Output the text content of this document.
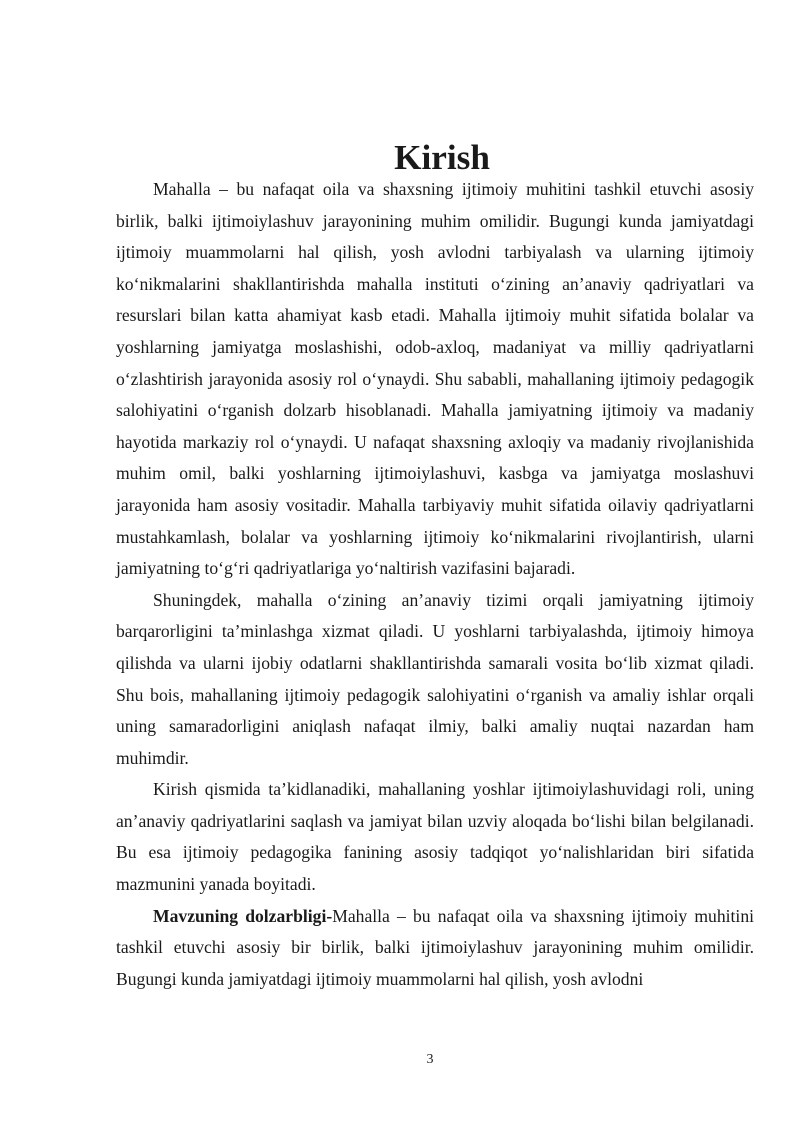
Kirish

Mahalla – bu nafaqat oila va shaxsning ijtimoiy muhitini tashkil etuvchi asosiy birlik, balki ijtimoiylashuv jarayonining muhim omilidir. Bugungi kunda jamiyatdagi ijtimoiy muammolarni hal qilish, yosh avlodni tarbiyalash va ularning ijtimoiy ko‘nikmalarini shakllantirishda mahalla instituti o‘zining an’anaviy qadriyatlari va resurslari bilan katta ahamiyat kasb etadi. Mahalla ijtimoiy muhit sifatida bolalar va yoshlarning jamiyatga moslashishi, odob-axloq, madaniyat va milliy qadriyatlarni o‘zlashtirish jarayonida asosiy rol o‘ynaydi. Shu sababli, mahallaning ijtimoiy pedagogik salohiyatini o‘rganish dolzarb hisoblanadi. Mahalla jamiyatning ijtimoiy va madaniy hayotida markaziy rol o‘ynaydi. U nafaqat shaxsning axloqiy va madaniy rivojlanishida muhim omil, balki yoshlarning ijtimoiylashuvi, kasbga va jamiyatga moslashuvi jarayonida ham asosiy vositadir. Mahalla tarbiyaviy muhit sifatida oilaviy qadriyatlarni mustahkamlash, bolalar va yoshlarning ijtimoiy ko‘nikmalarini rivojlantirish, ularni jamiyatning to‘g‘ri qadriyatlariga yo‘naltirish vazifasini bajaradi.

Shuningdek, mahalla o‘zining an’anaviy tizimi orqali jamiyatning ijtimoiy barqarorligini ta’minlashga xizmat qiladi. U yoshlarni tarbiyalashda, ijtimoiy himoya qilishda va ularni ijobiy odatlarni shakllantirishda samarali vosita bo‘lib xizmat qiladi. Shu bois, mahallaning ijtimoiy pedagogik salohiyatini o‘rganish va amaliy ishlar orqali uning samaradorligini aniqlash nafaqat ilmiy, balki amaliy nuqtai nazardan ham muhimdir.

Kirish qismida ta’kidlanadiki, mahallaning yoshlar ijtimoiylashuvidagi roli, uning an’anaviy qadriyatlarini saqlash va jamiyat bilan uzviy aloqada bo‘lishi bilan belgilanadi. Bu esa ijtimoiy pedagogika fanining asosiy tadqiqot yo‘nalishlaridan biri sifatida mazmunini yanada boyitadi.

Mavzuning dolzarbligi-Mahalla – bu nafaqat oila va shaxsning ijtimoiy muhitini tashkil etuvchi asosiy bir birlik, balki ijtimoiylashuv jarayonining muhim omilidir. Bugungi kunda jamiyatdagi ijtimoiy muammolarni hal qilish, yosh avlodni

3
